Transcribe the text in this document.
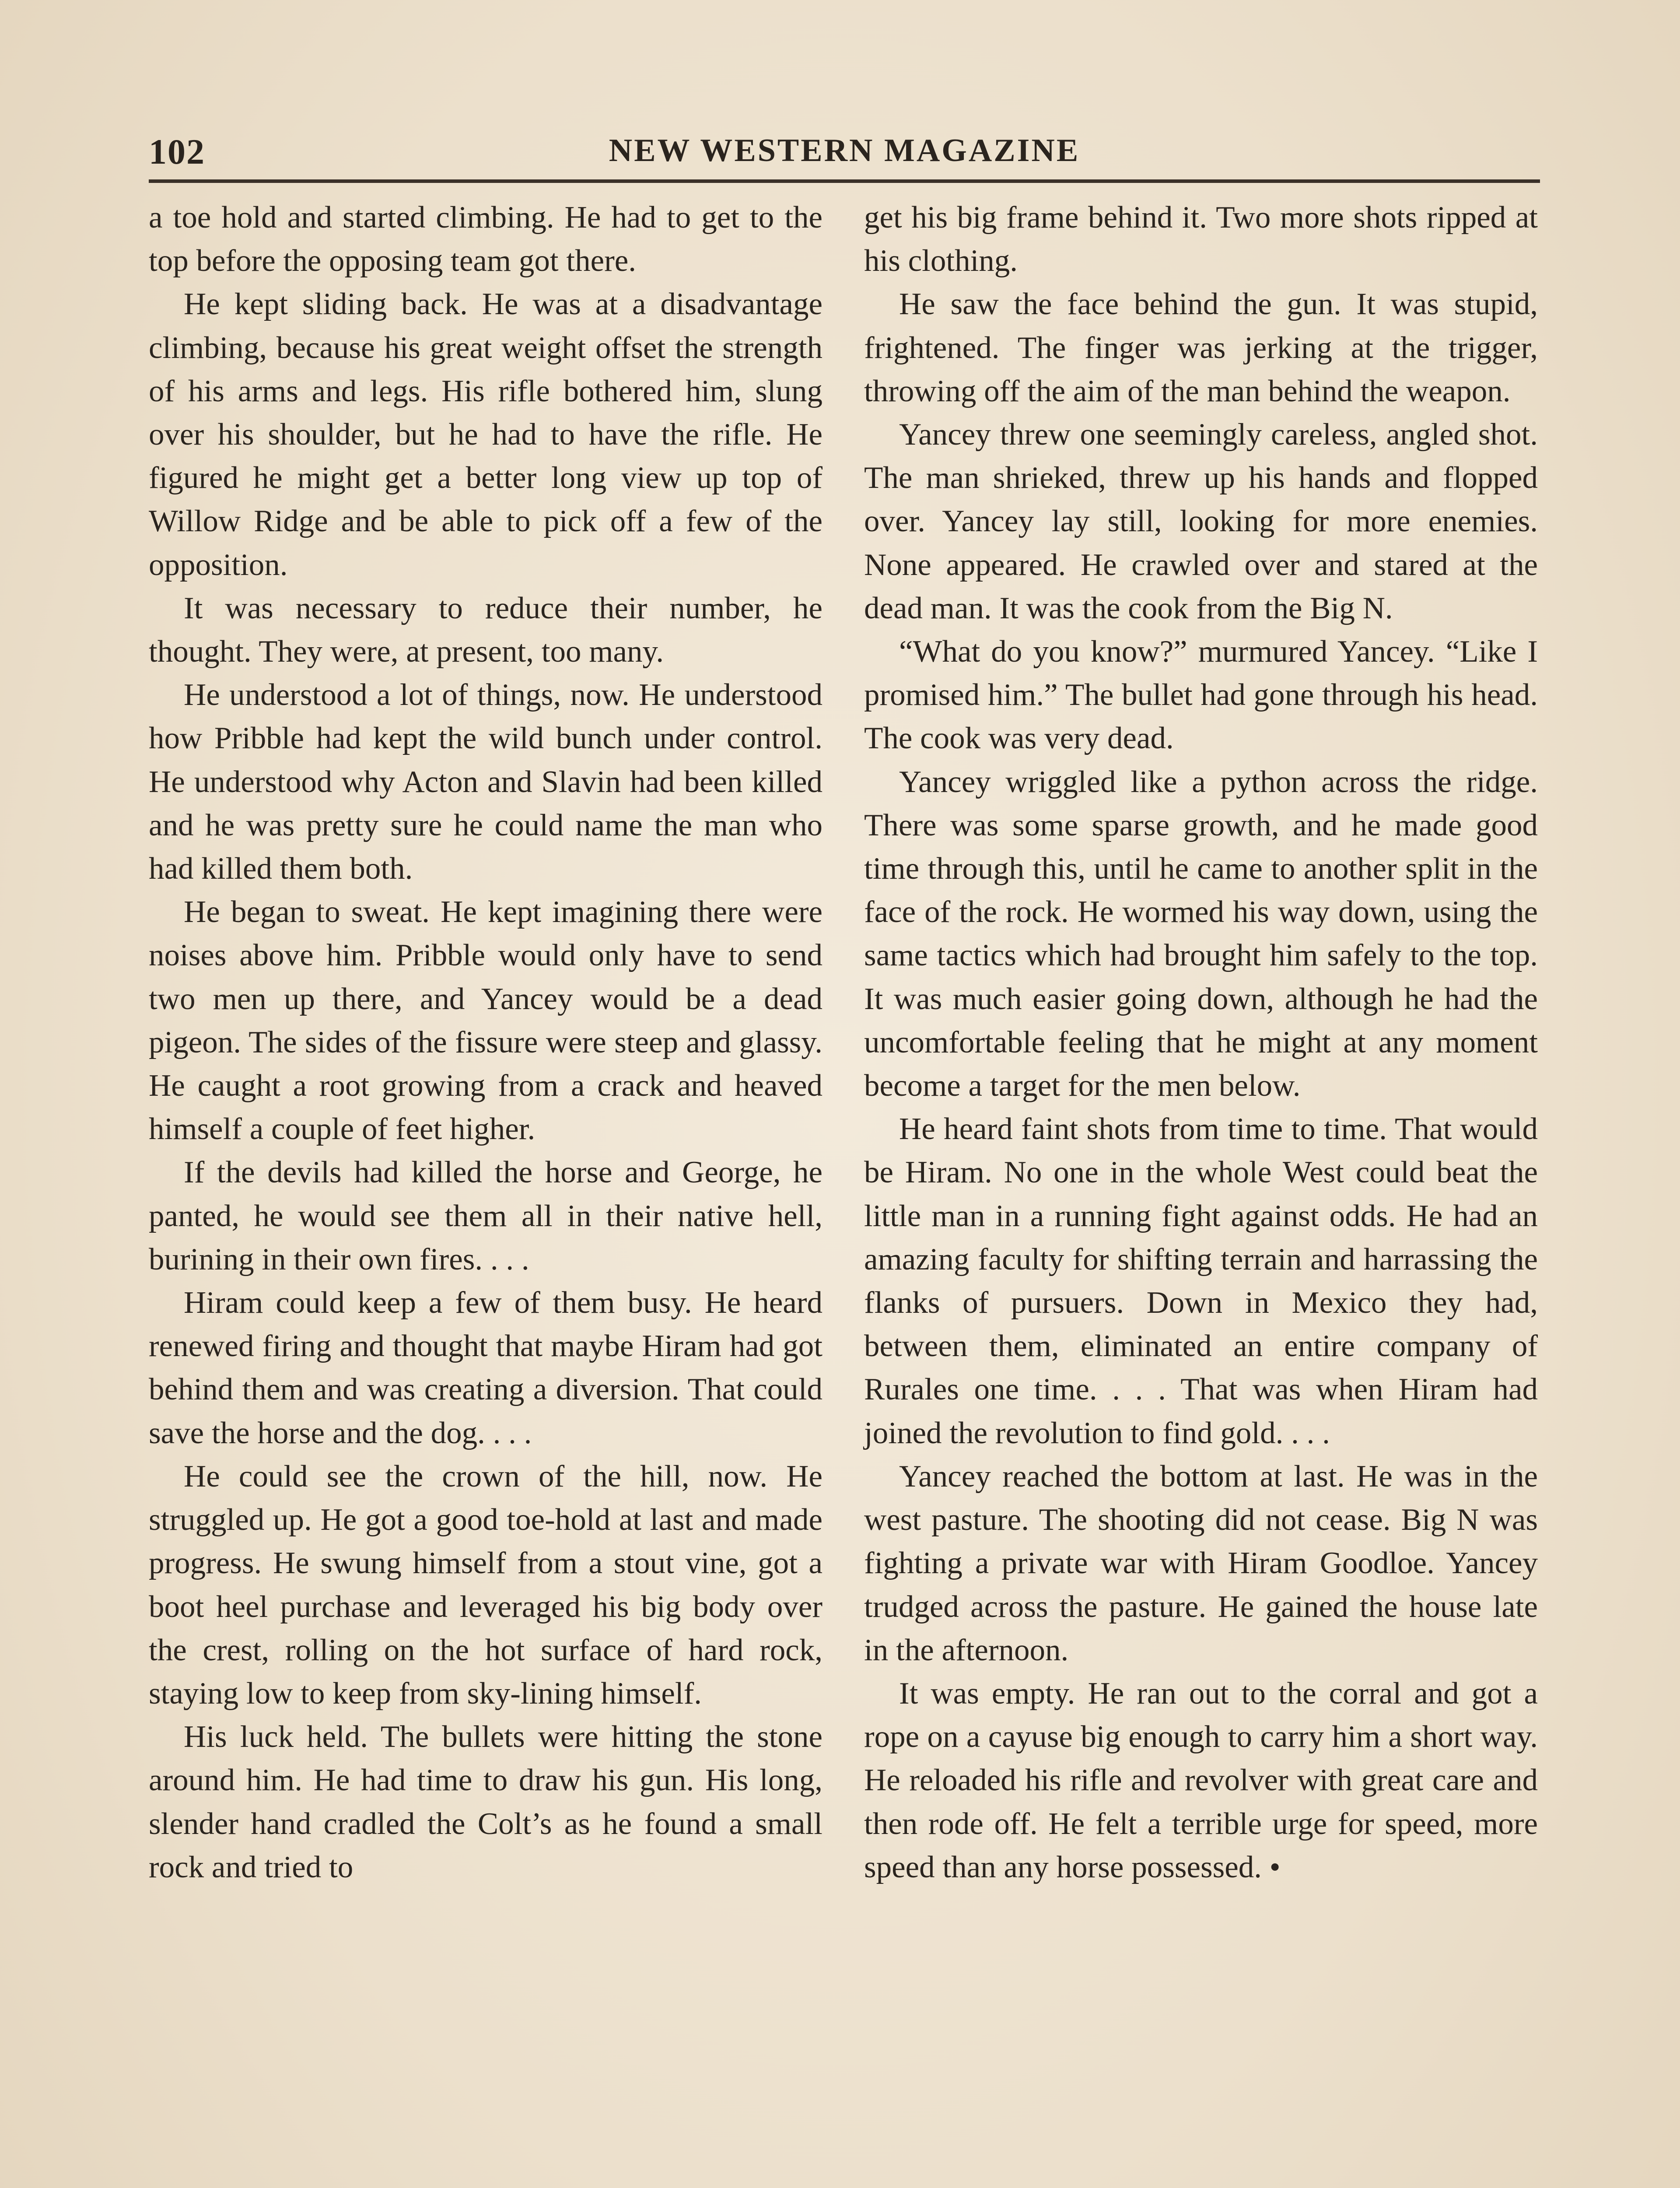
102	NEW WESTERN MAGAZINE

a toe hold and started climbing. He had to get to the top before the opposing team got there.

He kept sliding back. He was at a disadvantage climbing, because his great weight offset the strength of his arms and legs. His rifle bothered him, slung over his shoulder, but he had to have the rifle. He figured he might get a better long view up top of Willow Ridge and be able to pick off a few of the opposition.

It was necessary to reduce their number, he thought. They were, at present, too many.

He understood a lot of things, now. He understood how Pribble had kept the wild bunch under control. He understood why Acton and Slavin had been killed and he was pretty sure he could name the man who had killed them both.

He began to sweat. He kept imagining there were noises above him. Pribble would only have to send two men up there, and Yancey would be a dead pigeon. The sides of the fissure were steep and glassy. He caught a root growing from a crack and heaved himself a couple of feet higher.

If the devils had killed the horse and George, he panted, he would see them all in their native hell, burining in their own fires. . . .

Hiram could keep a few of them busy. He heard renewed firing and thought that maybe Hiram had got behind them and was creating a diversion. That could save the horse and the dog. . . .

He could see the crown of the hill, now. He struggled up. He got a good toe-hold at last and made progress. He swung himself from a stout vine, got a boot heel purchase and leveraged his big body over the crest, rolling on the hot surface of hard rock, staying low to keep from sky-lining himself.

His luck held. The bullets were hitting the stone around him. He had time to draw his gun. His long, slender hand cradled the Colt’s as he found a small rock and tried to

get his big frame behind it. Two more shots ripped at his clothing.

He saw the face behind the gun. It was stupid, frightened. The finger was jerking at the trigger, throwing off the aim of the man behind the weapon.

Yancey threw one seemingly careless, angled shot. The man shrieked, threw up his hands and flopped over. Yancey lay still, looking for more enemies. None appeared. He crawled over and stared at the dead man. It was the cook from the Big N.

“What do you know?” murmured Yancey. “Like I promised him.” The bullet had gone through his head. The cook was very dead.

Yancey wriggled like a python across the ridge. There was some sparse growth, and he made good time through this, until he came to another split in the face of the rock. He wormed his way down, using the same tactics which had brought him safely to the top. It was much easier going down, although he had the uncomfortable feeling that he might at any moment become a target for the men below.

He heard faint shots from time to time. That would be Hiram. No one in the whole West could beat the little man in a running fight against odds. He had an amazing faculty for shifting terrain and harrassing the flanks of pursuers. Down in Mexico they had, between them, eliminated an entire company of Rurales one time. . . . That was when Hiram had joined the revolution to find gold. . . .

Yancey reached the bottom at last. He was in the west pasture. The shooting did not cease. Big N was fighting a private war with Hiram Goodloe. Yancey trudged across the pasture. He gained the house late in the afternoon.

It was empty. He ran out to the corral and got a rope on a cayuse big enough to carry him a short way. He reloaded his rifle and revolver with great care and then rode off. He felt a terrible urge for speed, more speed than any horse possessed. •
